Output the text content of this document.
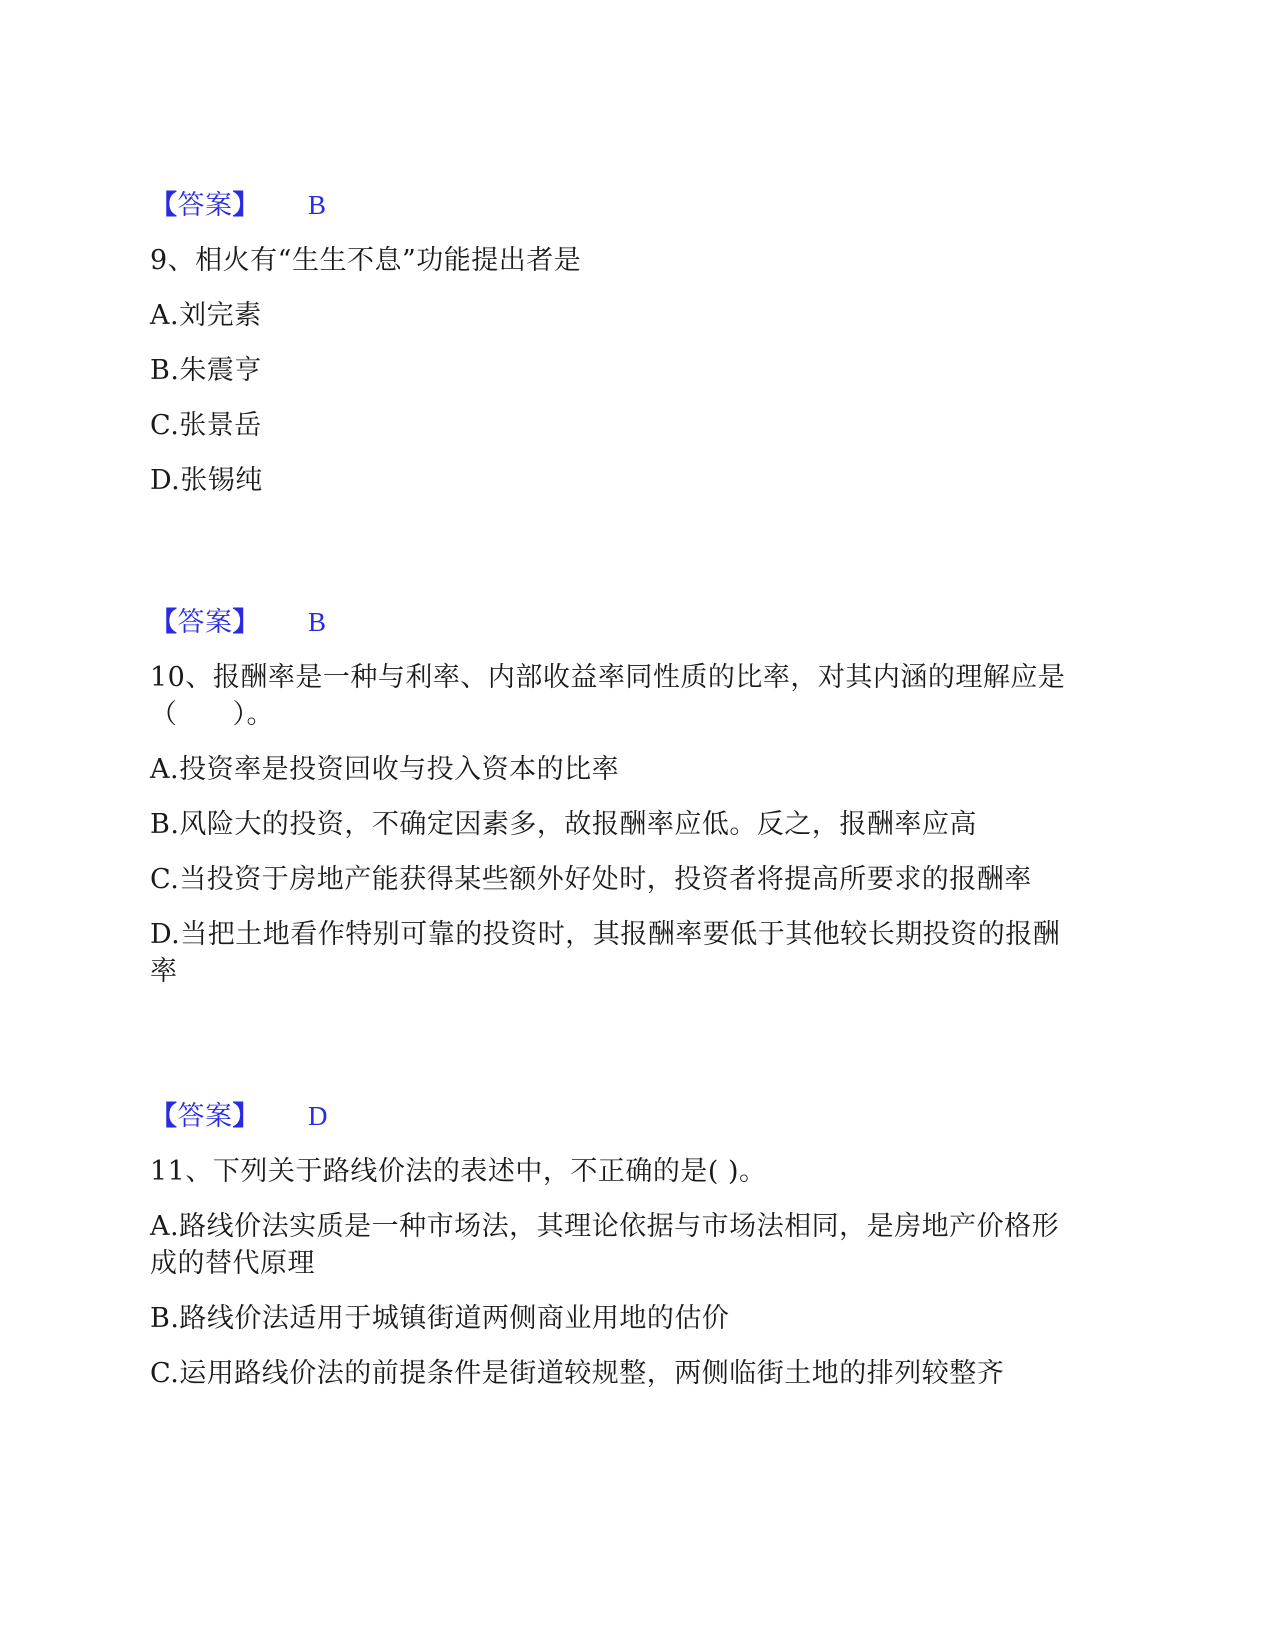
【答案】 B
9、相火有“生生不息”功能提出者是
A.刘完素
B.朱震亨
C.张景岳
D.张锡纯
【答案】 B
10、报酬率是一种与利率、内部收益率同性质的比率，对其内涵的理解应是
（　　）。
A.投资率是投资回收与投入资本的比率
B.风险大的投资，不确定因素多，故报酬率应低。反之，报酬率应高
C.当投资于房地产能获得某些额外好处时，投资者将提高所要求的报酬率
D.当把土地看作特别可靠的投资时，其报酬率要低于其他较长期投资的报酬
率
【答案】 D
11、下列关于路线价法的表述中，不正确的是( )。
A.路线价法实质是一种市场法，其理论依据与市场法相同，是房地产价格形
成的替代原理
B.路线价法适用于城镇街道两侧商业用地的估价
C.运用路线价法的前提条件是街道较规整，两侧临街土地的排列较整齐
